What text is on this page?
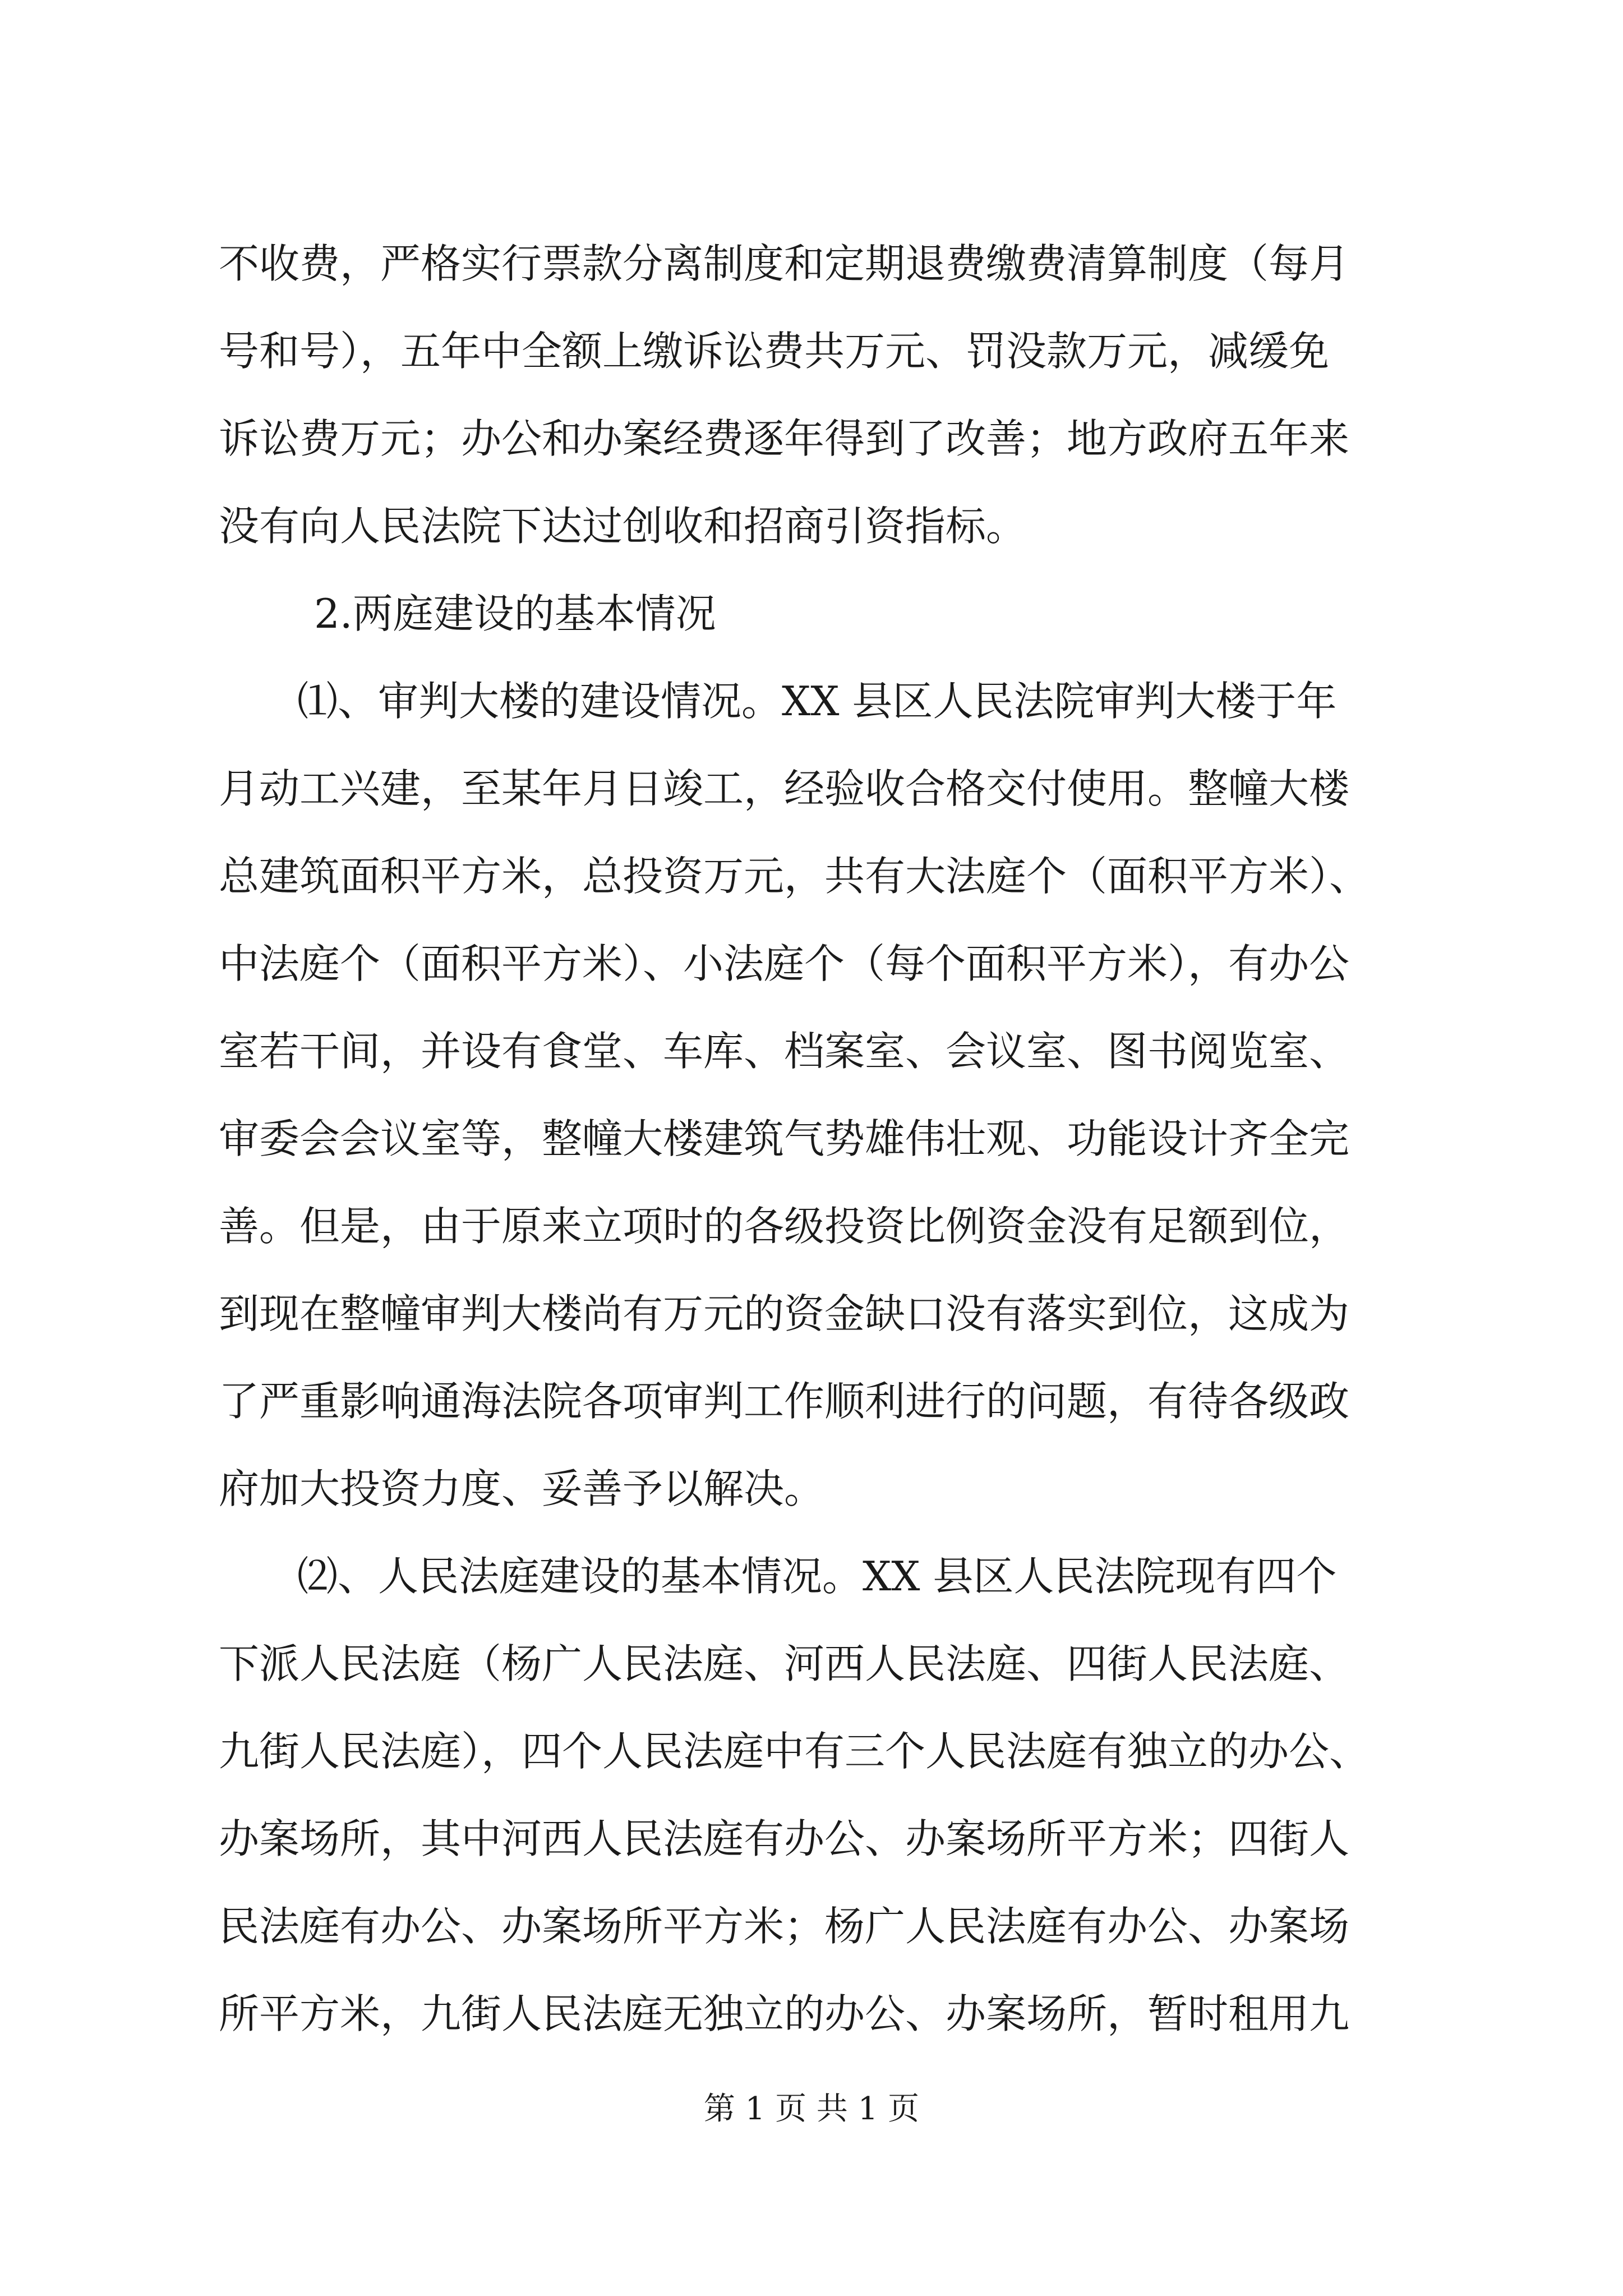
不收费，严格实行票款分离制度和定期退费缴费清算制度（每月
号和号），五年中全额上缴诉讼费共万元、罚没款万元，减缓免
诉讼费万元；办公和办案经费逐年得到了改善；地方政府五年来
没有向人民法院下达过创收和招商引资指标。
2.两庭建设的基本情况
⑴、审判大楼的建设情况。XX 县区人民法院审判大楼于年
月动工兴建，至某年月日竣工，经验收合格交付使用。整幢大楼
总建筑面积平方米，总投资万元，共有大法庭个（面积平方米）、
中法庭个（面积平方米）、小法庭个（每个面积平方米），有办公
室若干间，并设有食堂、车库、档案室、会议室、图书阅览室、
审委会会议室等，整幢大楼建筑气势雄伟壮观、功能设计齐全完
善。但是，由于原来立项时的各级投资比例资金没有足额到位，
到现在整幢审判大楼尚有万元的资金缺口没有落实到位，这成为
了严重影响通海法院各项审判工作顺利进行的问题，有待各级政
府加大投资力度、妥善予以解决。
⑵、人民法庭建设的基本情况。XX 县区人民法院现有四个
下派人民法庭（杨广人民法庭、河西人民法庭、四街人民法庭、
九街人民法庭），四个人民法庭中有三个人民法庭有独立的办公、
办案场所，其中河西人民法庭有办公、办案场所平方米；四街人
民法庭有办公、办案场所平方米；杨广人民法庭有办公、办案场
所平方米，九街人民法庭无独立的办公、办案场所，暂时租用九
第 1 页 共 1 页
